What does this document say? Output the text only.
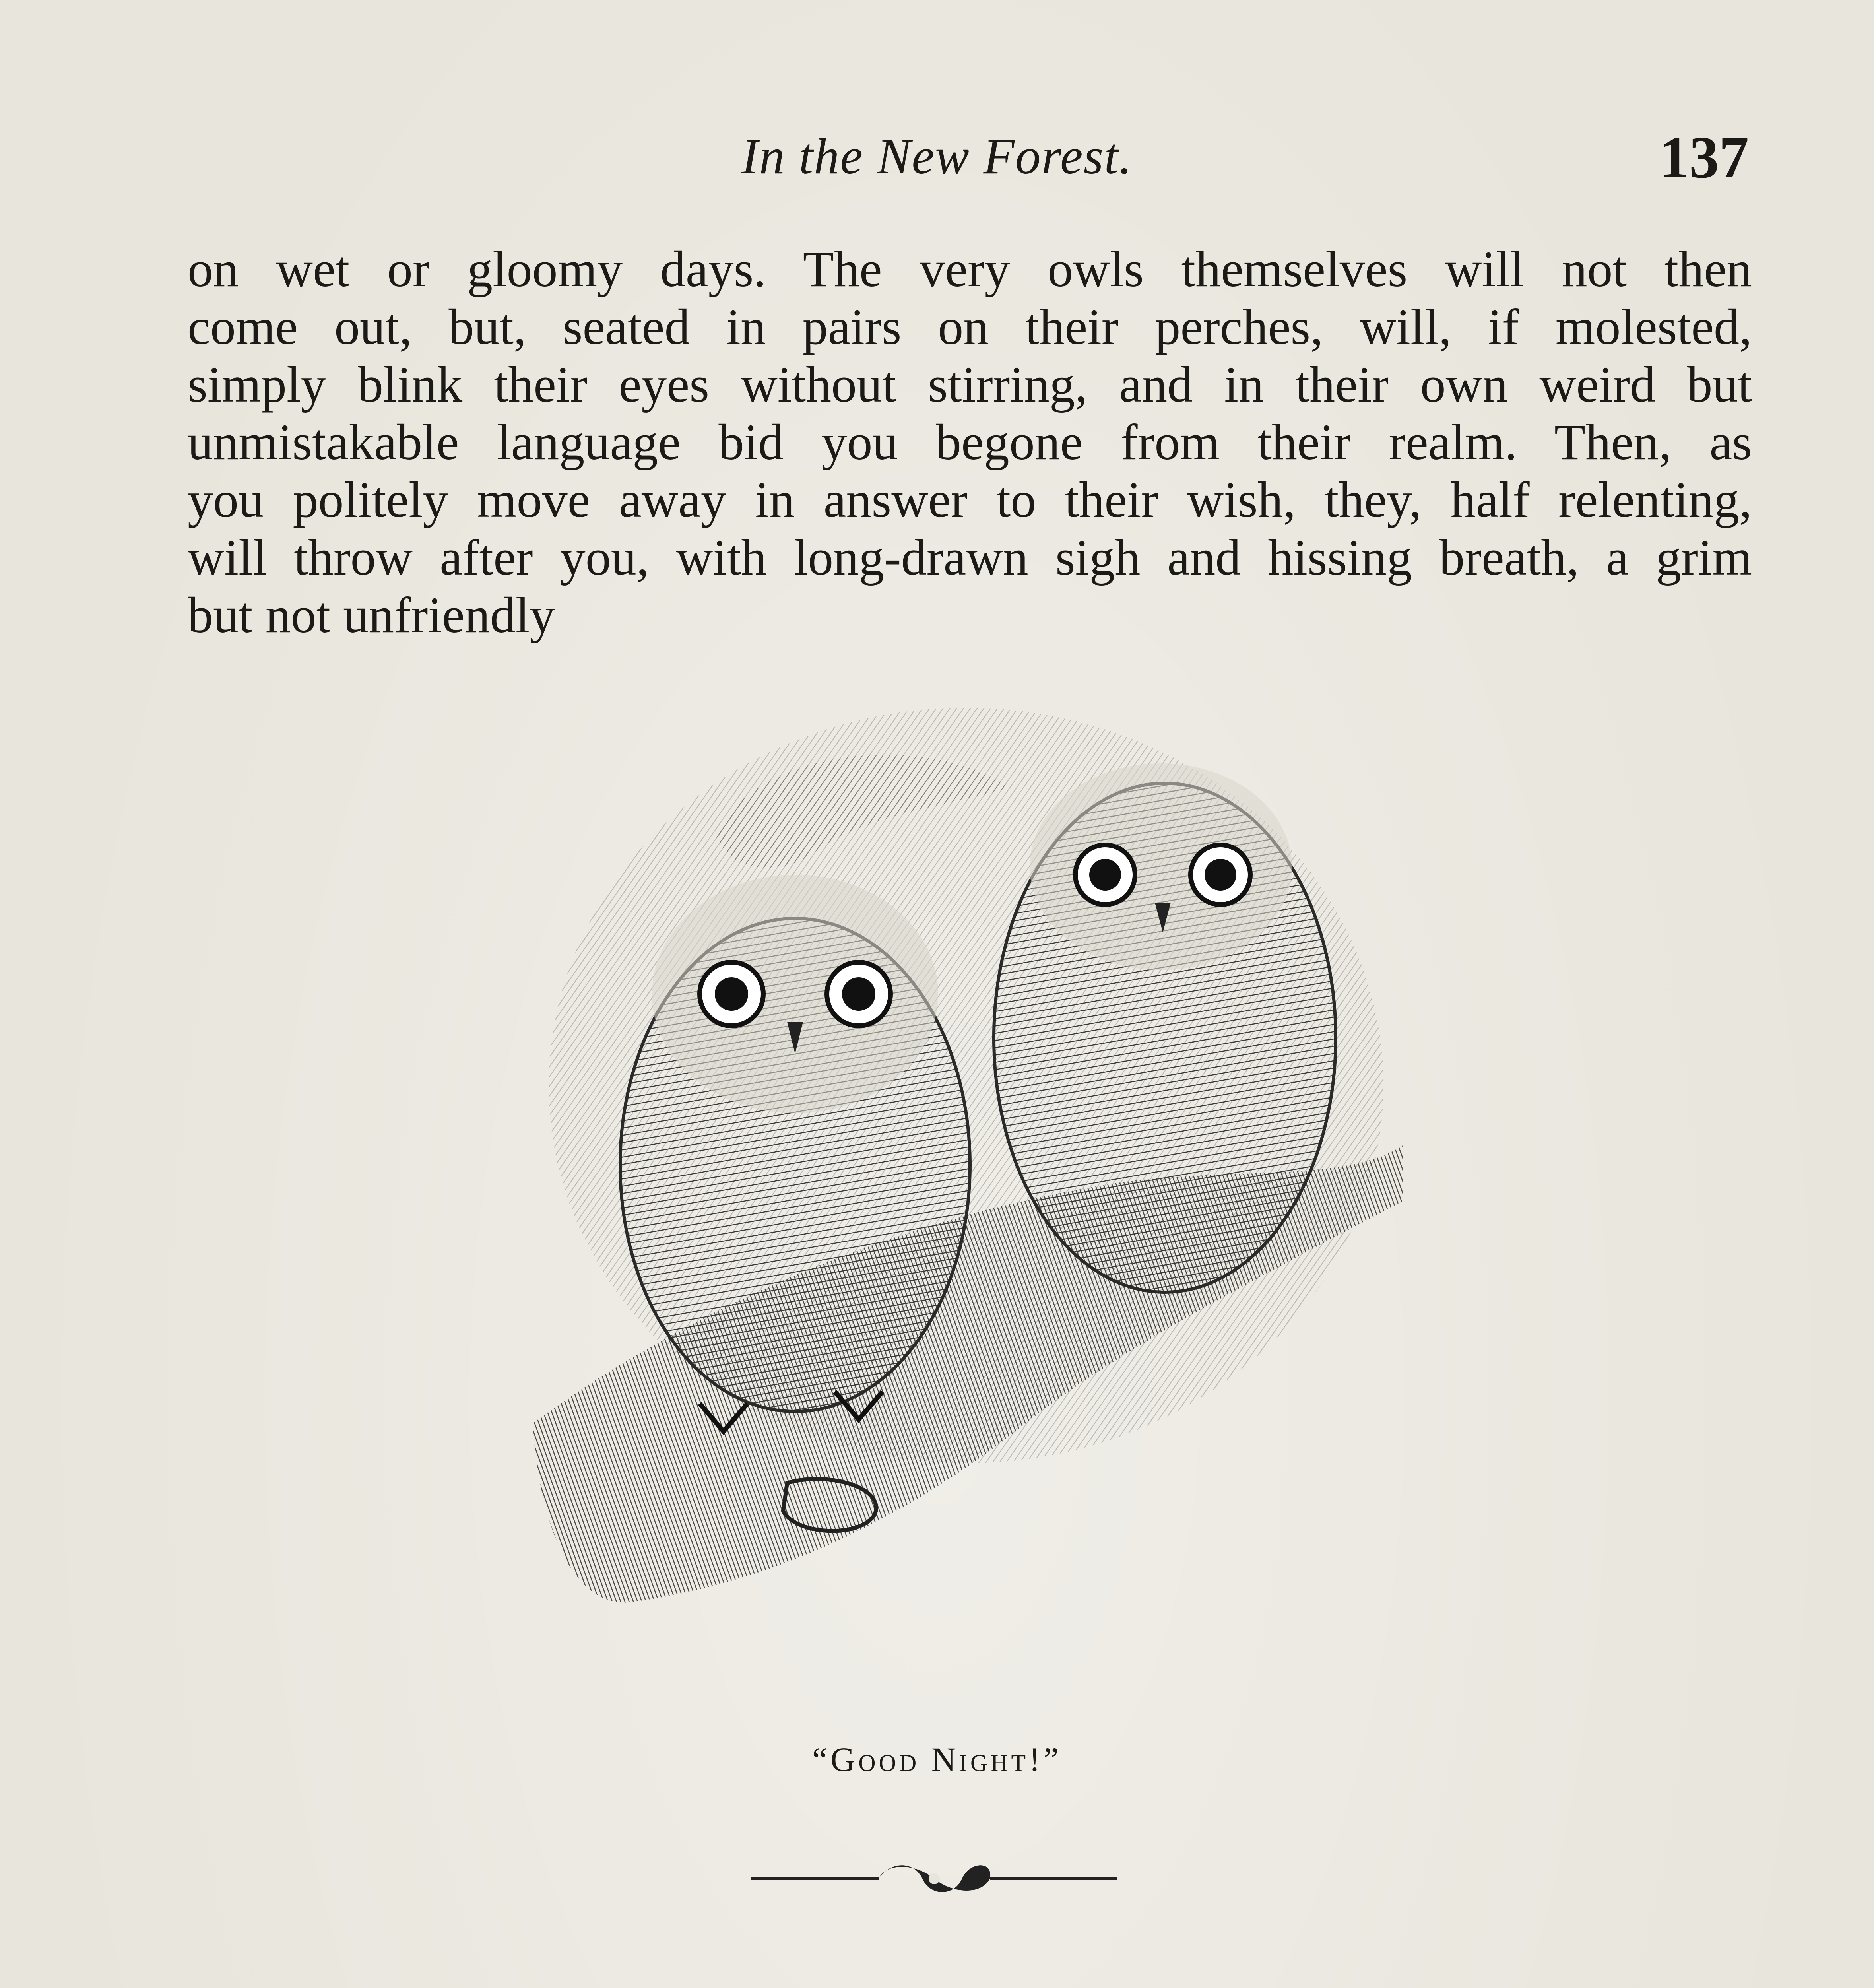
In the New Forest.	137

on wet or gloomy days. The very owls themselves will not then

come out, but, seated in pairs on their perches, will, if molested,

simply blink their eyes without stirring, and in their own weird but

unmistakable language bid you begone from their realm. Then, as

you politely move away in answer to their wish, they, half relenting,

will throw after you, with long-drawn sigh and hissing breath, a grim

but not unfriendly

“Good Night!”
